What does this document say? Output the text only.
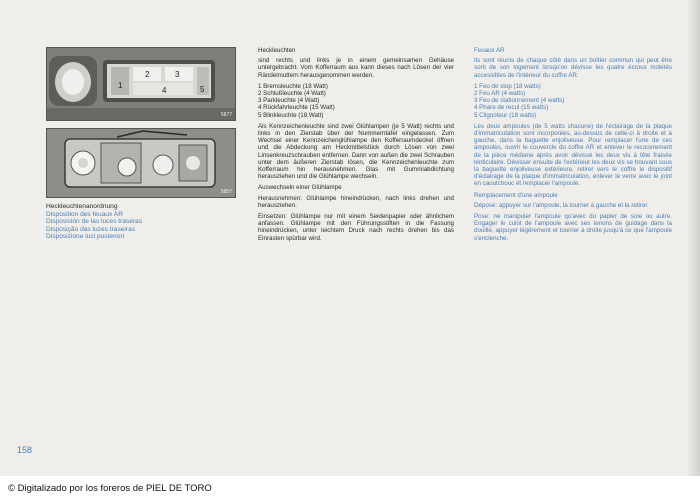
1
2	3
4	5
5877
5857
Heckleuchtenanordnung
Disposition des feuaux AR
Disposición de las luces traseras
Disposição das luzes traseiras
Disposizione luci posteriori
Heckleuchten

sind rechts und links je in einem gemeinsamen Gehäuse untergebracht. Vom Kofferraum aus kann dieses nach Lösen der vier Rändelmuttern herausgenommen werden.

1 Bremsleuchte (18 Watt)
2 Schlußleuchte (4 Watt)
3 Parkleuchte (4 Watt)
4 Rückfahrleuchte (15 Watt)
5 Blinkleuchte (18 Watt)

Als Kennzeichenleuchte sind zwei Glühlampen (je 5 Watt) rechts und links in den Zierstab über der Nummerntafel eingelassen. Zum Wechsel einer Kennzeichenglühlampe den Kofferraumdeckel öffnen und die Abdeckung am Heckmittelstück durch Lösen von zwei Linsenkreuzschrauben entfernen. Dann von außen die zwei Schrauben unter dem äußeren Zierstab lösen, die Kennzeichenleuchte zum Kofferraum hin herausnehmen. Glas mit Gummiabdichtung herausziehen und die Glühlampe wechseln.

Auswechseln einer Glühlampe

Herausnehmen: Glühlampe hineindrücken, nach links drehen und herausziehen.

Einsetzen: Glühlampe nur mit einem Seidenpapier oder ähnlichem anfassen. Glühlampe mit den Führungsstiften in die Fassung hineindrücken, unter leichtem Druck nach rechts drehen bis das Einrasten spürbar wird.

Feuaux AR

Ils sont réunis de chaque côté dans un boîtier commun qui peut être sorti de son logement lorsqu'on dévisse les quatre écrous moletés accessibles de l'intérieur du coffre AR.

1 Feu de stop (18 watts)
2 Feu AR (4 watts)
3 Feu de stationnement (4 watts)
4 Phare de recul (15 watts)
5 Clignoteur (18 watts)

Les deux ampoules (de 5 watts chacune) de l'éclairage de la plaque d'immatriculation sont incorporées, au-dessus de celle-ci à droite et à gauche, dans la baguette enjoliveuse. Pour remplacer l'une de ces ampoules, ouvrir le couvercle du coffre AR et enlever le recouvrement de la pièce médiane après avoir dévissé les deux vis à tête fraisée lenticulaire. Dévisser ensuite de l'extérieur les deux vis se trouvant sous la baguette enjoliveuse extérieure, retirer vers le coffre le dispositif d'éclairage de la plaque d'immatriculation, enlever le verre avec le joint en caoutchouc et remplacer l'ampoule.

Remplacement d'une ampoule

Dépose: appuyer sur l'ampoule, la tourner à gauche et la retirer.

Pose: ne manipuler l'ampoule qu'avec du papier de soie ou autre. Engager le culot de l'ampoule avec ses tenons de guidage dans la douille, appuyer légèrement et tourner à droite jusqu'à ce que l'ampoule s'enclenche.

158
© Digitalizado por los foreros de PIEL DE TORO
